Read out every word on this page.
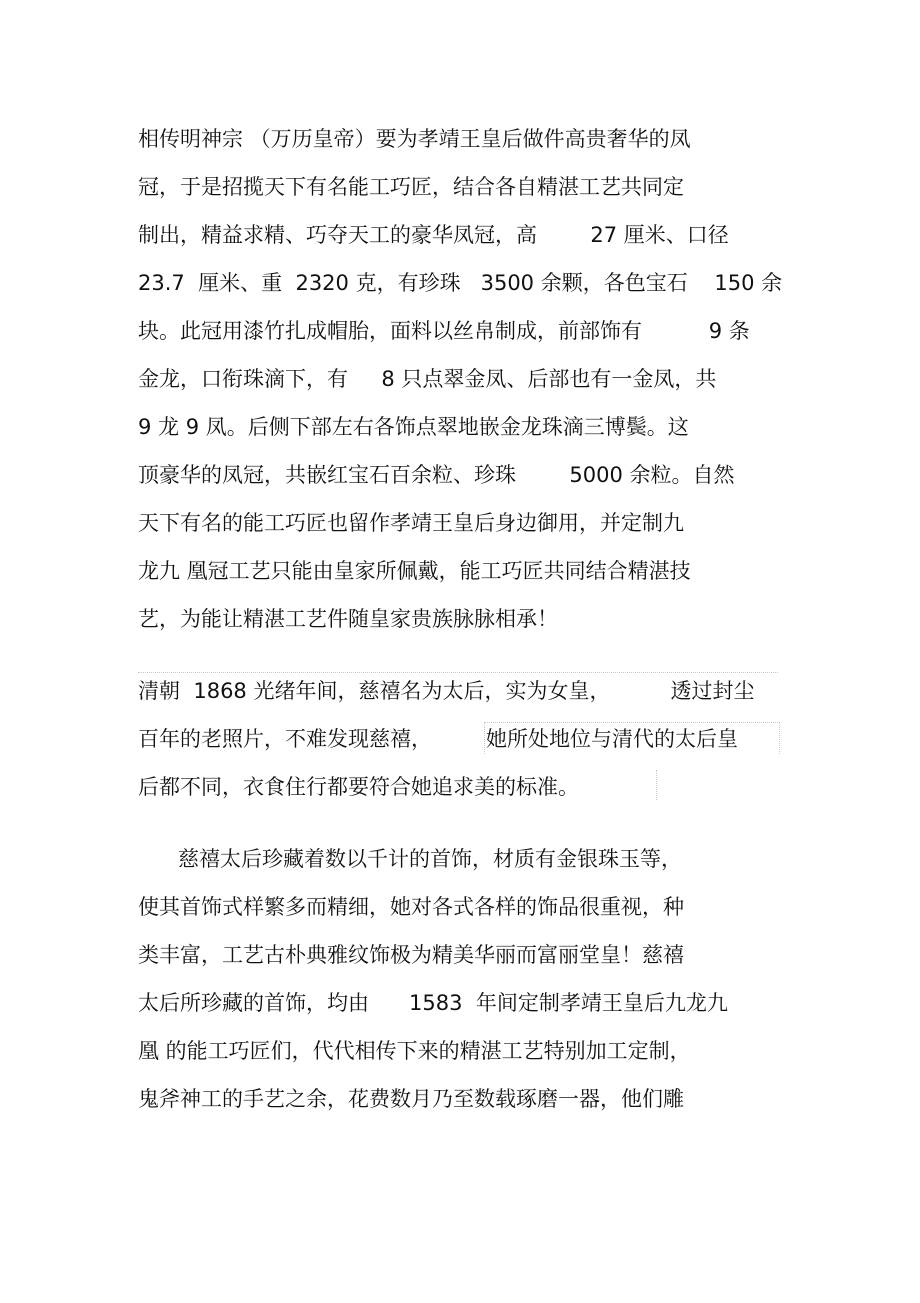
相传明神宗 （万历皇帝）要为孝靖王皇后做件高贵奢华的凤

冠，于是招揽天下有名能工巧匠，结合各自精湛工艺共同定

制出，精益求精、巧夺天工的豪华凤冠，高        27 厘米、口径

23.7  厘米、重  2320 克，有珍珠   3500 余颗，各色宝石    150 余

块。此冠用漆竹扎成帽胎，面料以丝帛制成，前部饰有          9 条

金龙，口衔珠滴下，有     8 只点翠金凤、后部也有一金凤，共

9 龙 9 凤。后侧下部左右各饰点翠地嵌金龙珠滴三博鬓。这

顶豪华的凤冠，共嵌红宝石百余粒、珍珠        5000 余粒。自然

天下有名的能工巧匠也留作孝靖王皇后身边御用，并定制九

龙九 凰冠工艺只能由皇家所佩戴，能工巧匠共同结合精湛技

艺，为能让精湛工艺件随皇家贵族脉脉相承！

清朝  1868 光绪年间，慈禧名为太后，实为女皇，         透过封尘

百年的老照片，不难发现慈禧，	她所处地位与清代的太后皇

后都不同，衣食住行都要符合她追求美的标准。

慈禧太后珍藏着数以千计的首饰，材质有金银珠玉等，

使其首饰式样繁多而精细，她对各式各样的饰品很重视，种

类丰富，工艺古朴典雅纹饰极为精美华丽而富丽堂皇！慈禧

太后所珍藏的首饰，均由      1583  年间定制孝靖王皇后九龙九

凰 的能工巧匠们，代代相传下来的精湛工艺特别加工定制，

鬼斧神工的手艺之余，花费数月乃至数载琢磨一器，他们雕
